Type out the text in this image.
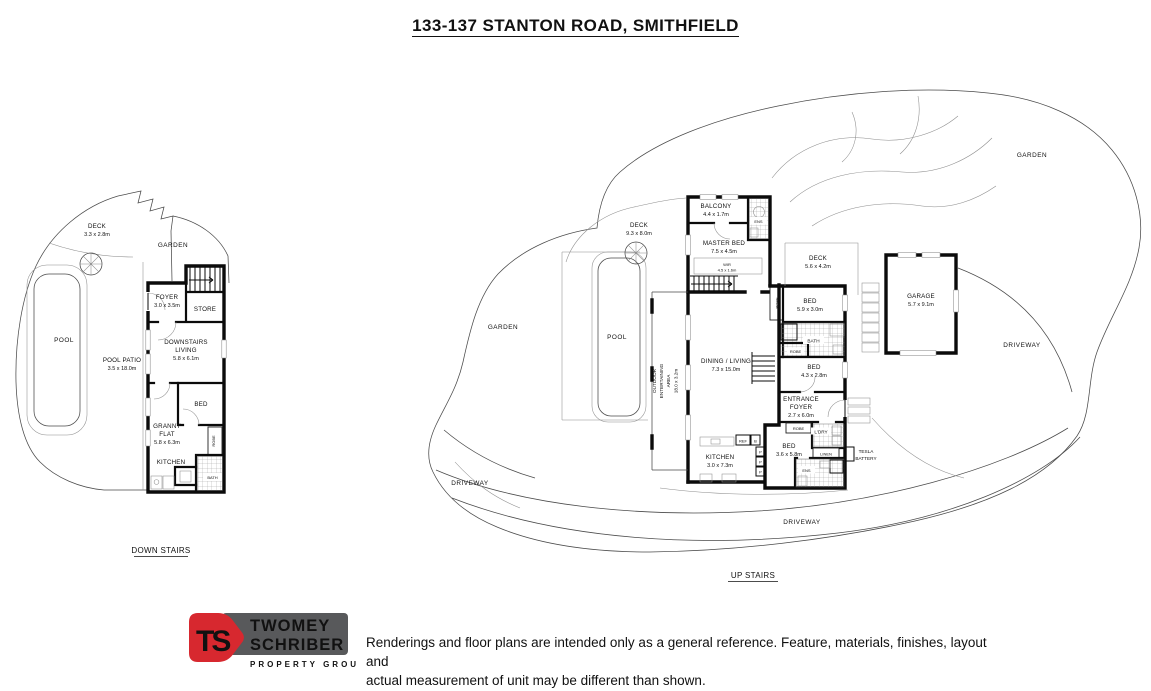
133-137 STANTON ROAD, SMITHFIELD
DECK
3.3 x 2.8m
GARDEN
POOL
POOL PATIO
3.5 x 18.0m
FOYER
3.0 x 3.5m STORE
DOWNSTAIRS
LIVING
5.8 x 6.1m
BED
GRANNY
FLAT
5.8 x 6.3m
KITCHEN
BATH
ROBE
DOWN STAIRS
GARDEN
GARDEN
POOL
DRIVEWAY
DRIVEWAY
DRIVEWAY
DECK
9.3 x 8.0m
BALCONY
4.4 x 1.7m
ENS
MASTER BED
7.5 x 4.5m
WIR
4.5 x 1.6m
DECK
5.6 x 4.2m
ROBE	BED
5.9 x 3.0m
BATH
ROBE
BED
4.3 x 2.8m
ENTRANCE
FOYER
2.7 x 6.0m
ROBE
L'DRY
LINEN
ENS
TESLA
BATTERY
DINING / LIVING
7.3 x 15.0m
OUTDOOR ENTERTAINING AREA 18.0 x 3.2m
KITCHEN
3.0 x 7.3m
REF B
P
P
P
BED
3.6 x 5.8m
GARAGE
5.7 x 9.1m
UP STAIRS
TS TWOMEY
SCHRIBER
PROPERTY GROUP
Renderings and floor plans are intended only as a general reference. Feature, materials, finishes, layout and
actual measurement of unit may be different than shown.
